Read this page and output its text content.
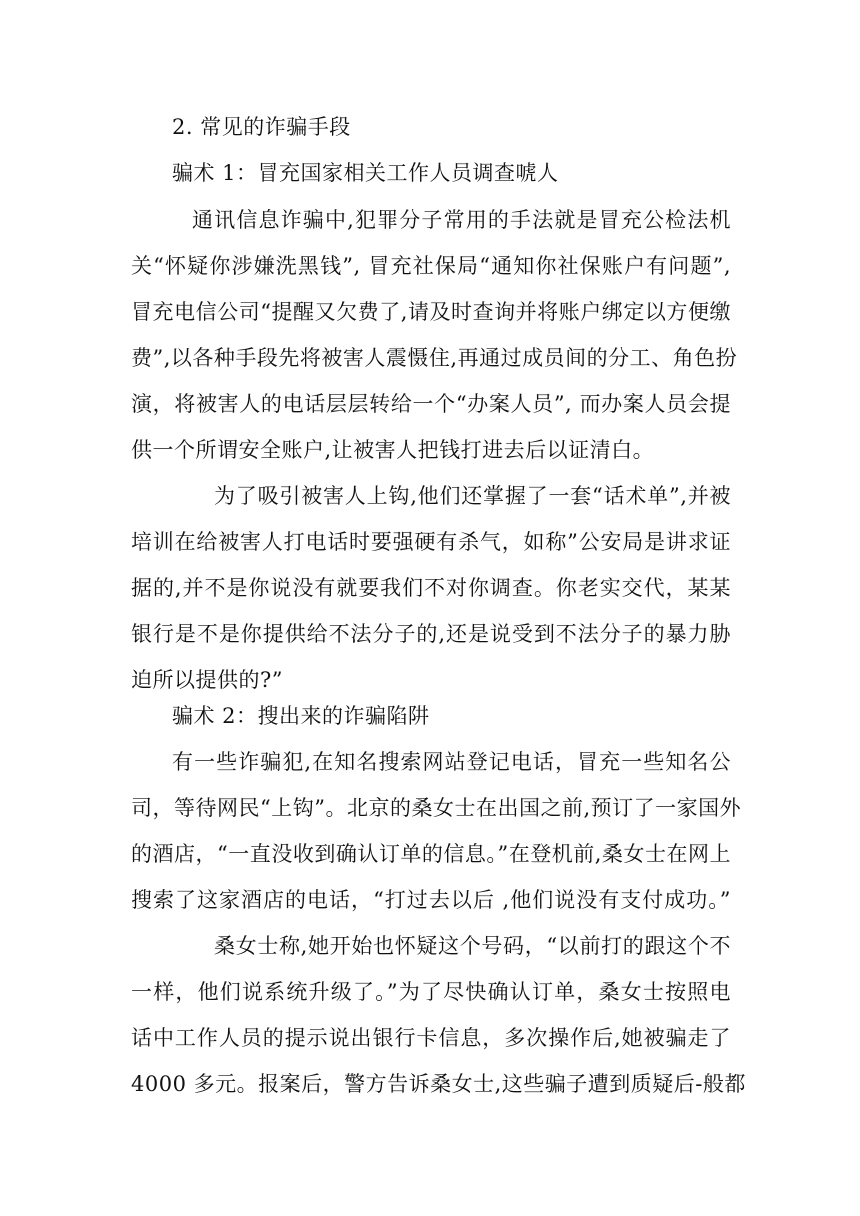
2. 常见的诈骗手段
骗术 1：冒充国家相关工作人员调查唬人
通讯信息诈骗中,犯罪分子常用的手法就是冒充公检法机
关“怀疑你涉嫌洗黑钱”, 冒充社保局“通知你社保账户有问题”,
冒充电信公司“提醒又欠费了,请及时查询并将账户绑定以方便缴
费”,以各种手段先将被害人震慑住,再通过成员间的分工、角色扮
演，将被害人的电话层层转给一个“办案人员”, 而办案人员会提
供一个所谓安全账户,让被害人把钱打进去后以证清白。
为了吸引被害人上钩,他们还掌握了一套“话术单”,并被
培训在给被害人打电话时要强硬有杀气，如称”公安局是讲求证
据的,并不是你说没有就要我们不对你调查。你老实交代，某某
银行是不是你提供给不法分子的,还是说受到不法分子的暴力胁
迫所以提供的?”
骗术 2：搜出来的诈骗陷阱
有一些诈骗犯,在知名搜索网站登记电话，冒充一些知名公
司，等待网民“上钩”。北京的桑女士在出国之前,预订了一家国外
的酒店，“一直没收到确认订单的信息。”在登机前,桑女士在网上
搜索了这家酒店的电话，“打过去以后 ,他们说没有支付成功。”
桑女士称,她开始也怀疑这个号码，“以前打的跟这个不
一样，他们说系统升级了。”为了尽快确认订单，桑女士按照电
话中工作人员的提示说出银行卡信息，多次操作后,她被骗走了
4000 多元。报案后，警方告诉桑女士,这些骗子遭到质疑后-般都
